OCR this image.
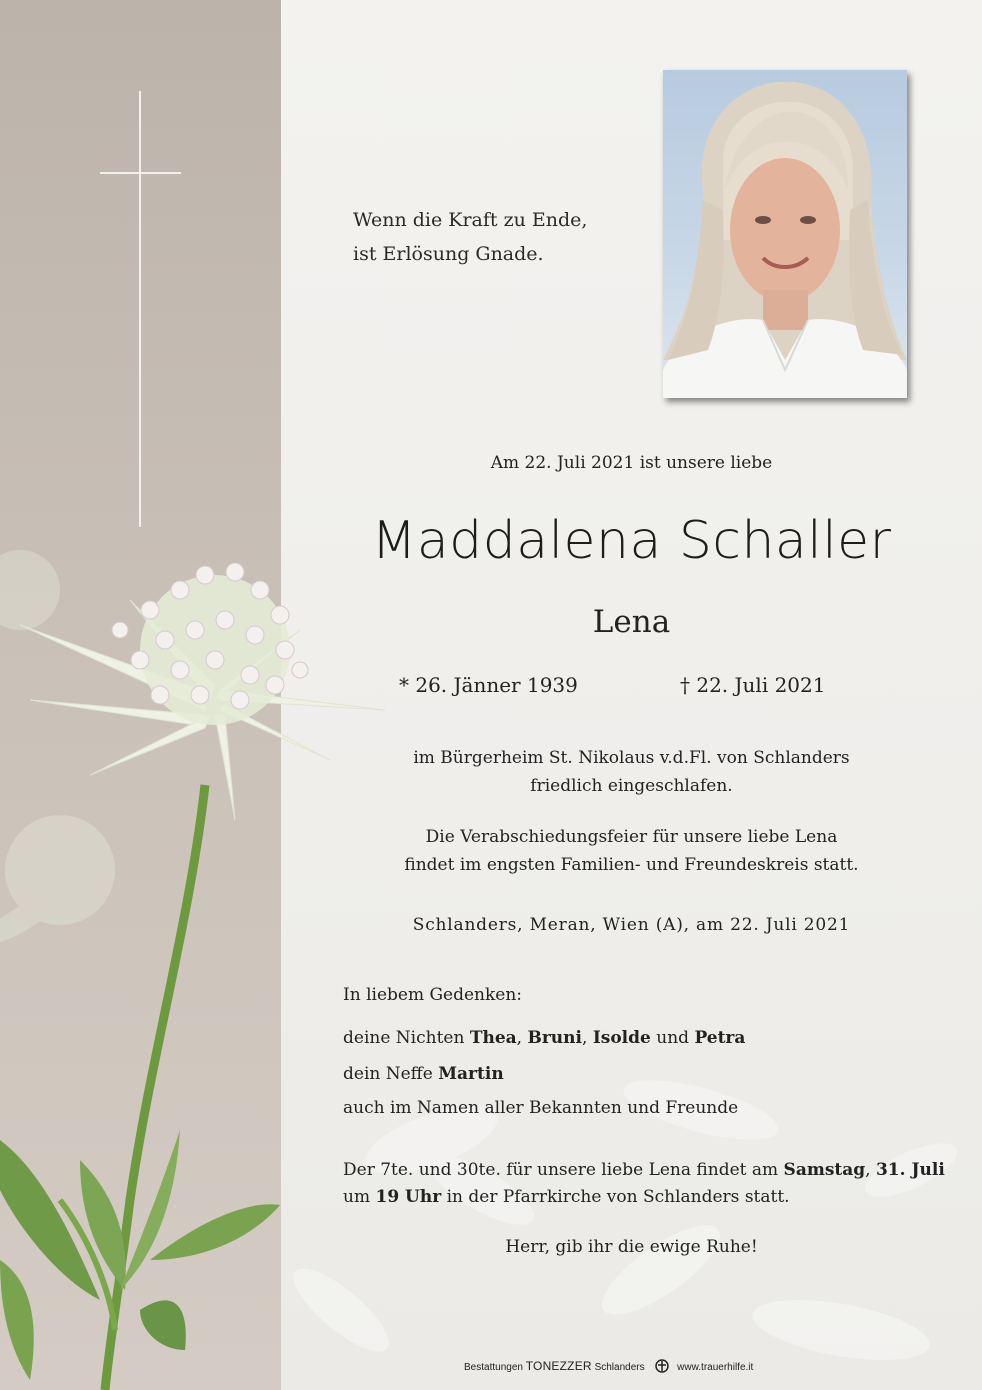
Wenn die Kraft zu Ende,
ist Erlösung Gnade.
Am 22. Juli 2021 ist unsere liebe
Maddalena Schaller
Lena
* 26. Jänner 1939	† 22. Juli 2021
im Bürgerheim St. Nikolaus v.d.Fl. von Schlanders
friedlich eingeschlafen.
Die Verabschiedungsfeier für unsere liebe Lena
findet im engsten Familien- und Freundeskreis statt.
Schlanders, Meran, Wien (A), am 22. Juli 2021
In liebem Gedenken:
deine Nichten Thea, Bruni, Isolde und Petra
dein Neffe Martin
auch im Namen aller Bekannten und Freunde
Der 7te. und 30te. für unsere liebe Lena findet am Samstag, 31. Juli
um 19 Uhr in der Pfarrkirche von Schlanders statt.
Herr, gib ihr die ewige Ruhe!
Bestattungen TONEZZER Schlanders	www.trauerhilfe.it
